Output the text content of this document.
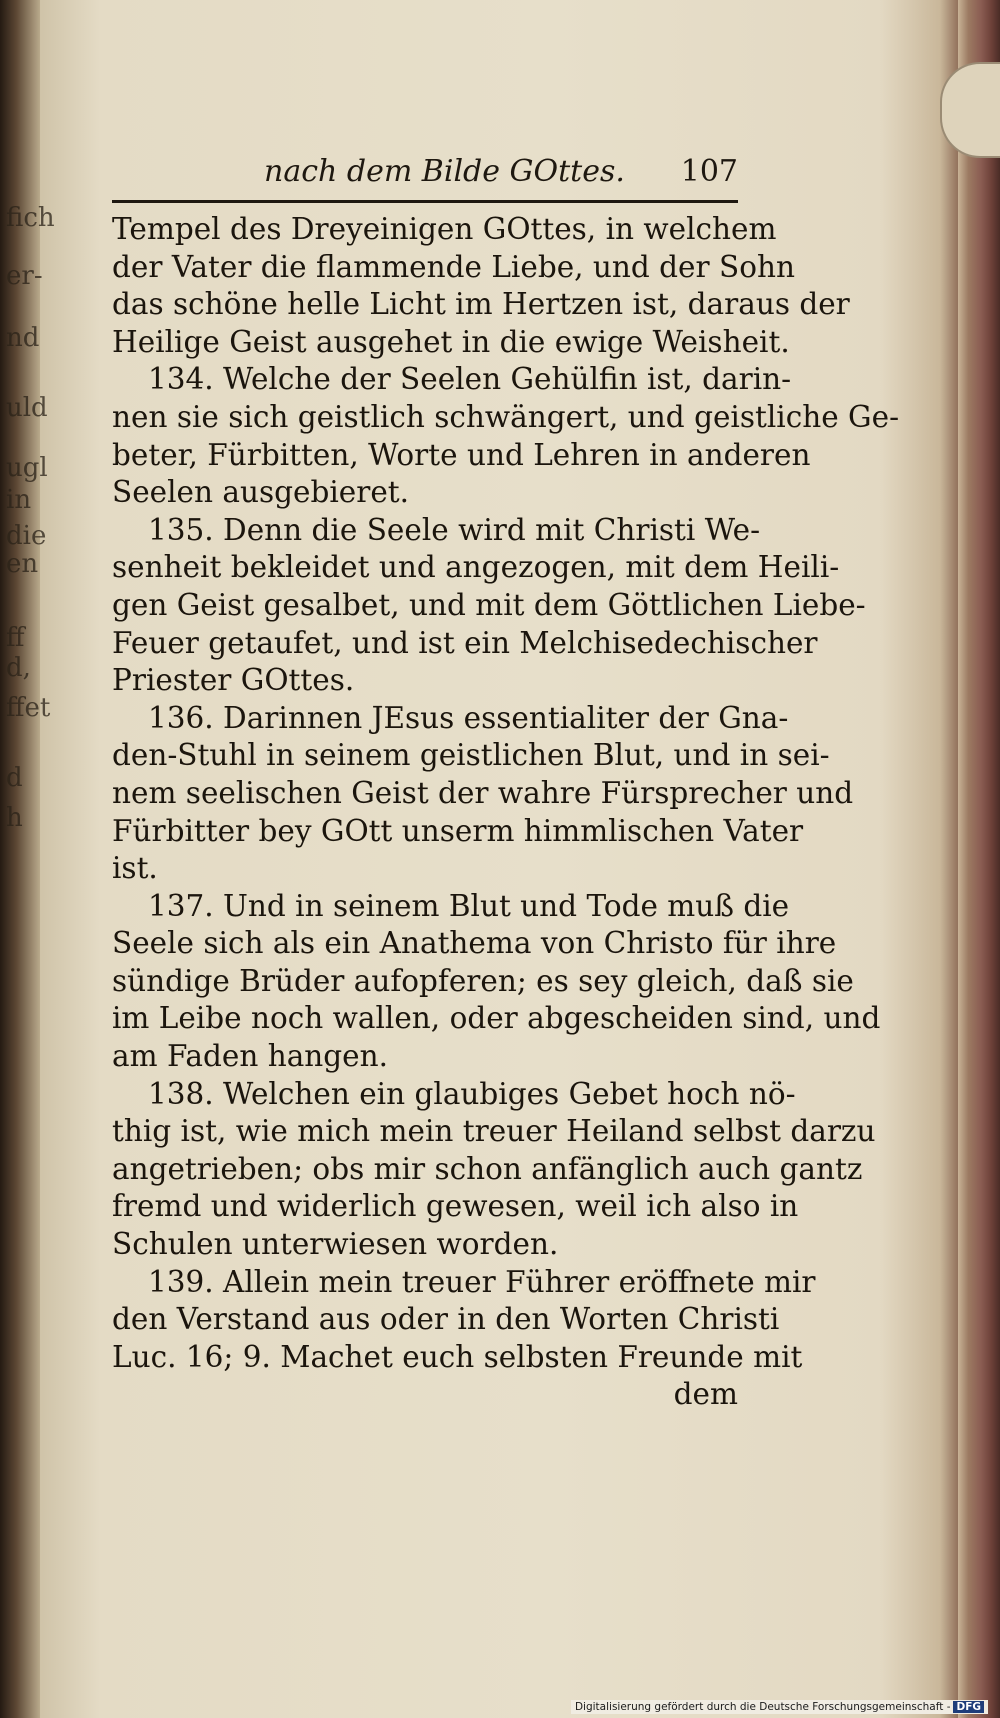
fich
er-
nd
uld
ugl
in
die
en
ff
d,
ffet
d
h
nach dem Bilde GOttes. 107
Tempel des Dreyeinigen GOttes, in welchem
der Vater die flammende Liebe, und der Sohn
das schöne helle Licht im Hertzen ist, daraus der
Heilige Geist ausgehet in die ewige Weisheit.
134. Welche der Seelen Gehülfin ist, darin-
nen sie sich geistlich schwängert, und geistliche Ge-
beter, Fürbitten, Worte und Lehren in anderen
Seelen ausgebieret.
135. Denn die Seele wird mit Christi We-
senheit bekleidet und angezogen, mit dem Heili-
gen Geist gesalbet, und mit dem Göttlichen Liebe-
Feuer getaufet, und ist ein Melchisedechischer
Priester GOttes.
136. Darinnen JEsus essentialiter der Gna-
den-Stuhl in seinem geistlichen Blut, und in sei-
nem seelischen Geist der wahre Fürsprecher und
Fürbitter bey GOtt unserm himmlischen Vater
ist.
137. Und in seinem Blut und Tode muß die
Seele sich als ein Anathema von Christo für ihre
sündige Brüder aufopferen; es sey gleich, daß sie
im Leibe noch wallen, oder abgescheiden sind, und
am Faden hangen.
138. Welchen ein glaubiges Gebet hoch nö-
thig ist, wie mich mein treuer Heiland selbst darzu
angetrieben; obs mir schon anfänglich auch gantz
fremd und widerlich gewesen, weil ich also in
Schulen unterwiesen worden.
139. Allein mein treuer Führer eröffnete mir
den Verstand aus oder in den Worten Christi
Luc. 16; 9. Machet euch selbsten Freunde mit
dem
Digitalisierung gefördert durch die Deutsche Forschungsgemeinschaft - DFG
